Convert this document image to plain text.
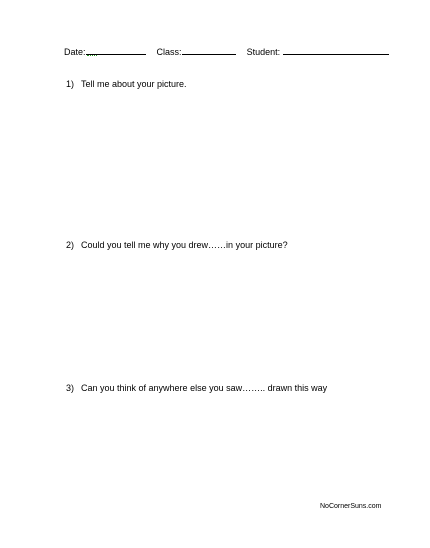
Date:	Class:	Student:
1) Tell me about your picture.
2) Could you tell me why you drew……in your picture?
3) Can you think of anywhere else you saw…….. drawn this way
NoCornerSuns.com
